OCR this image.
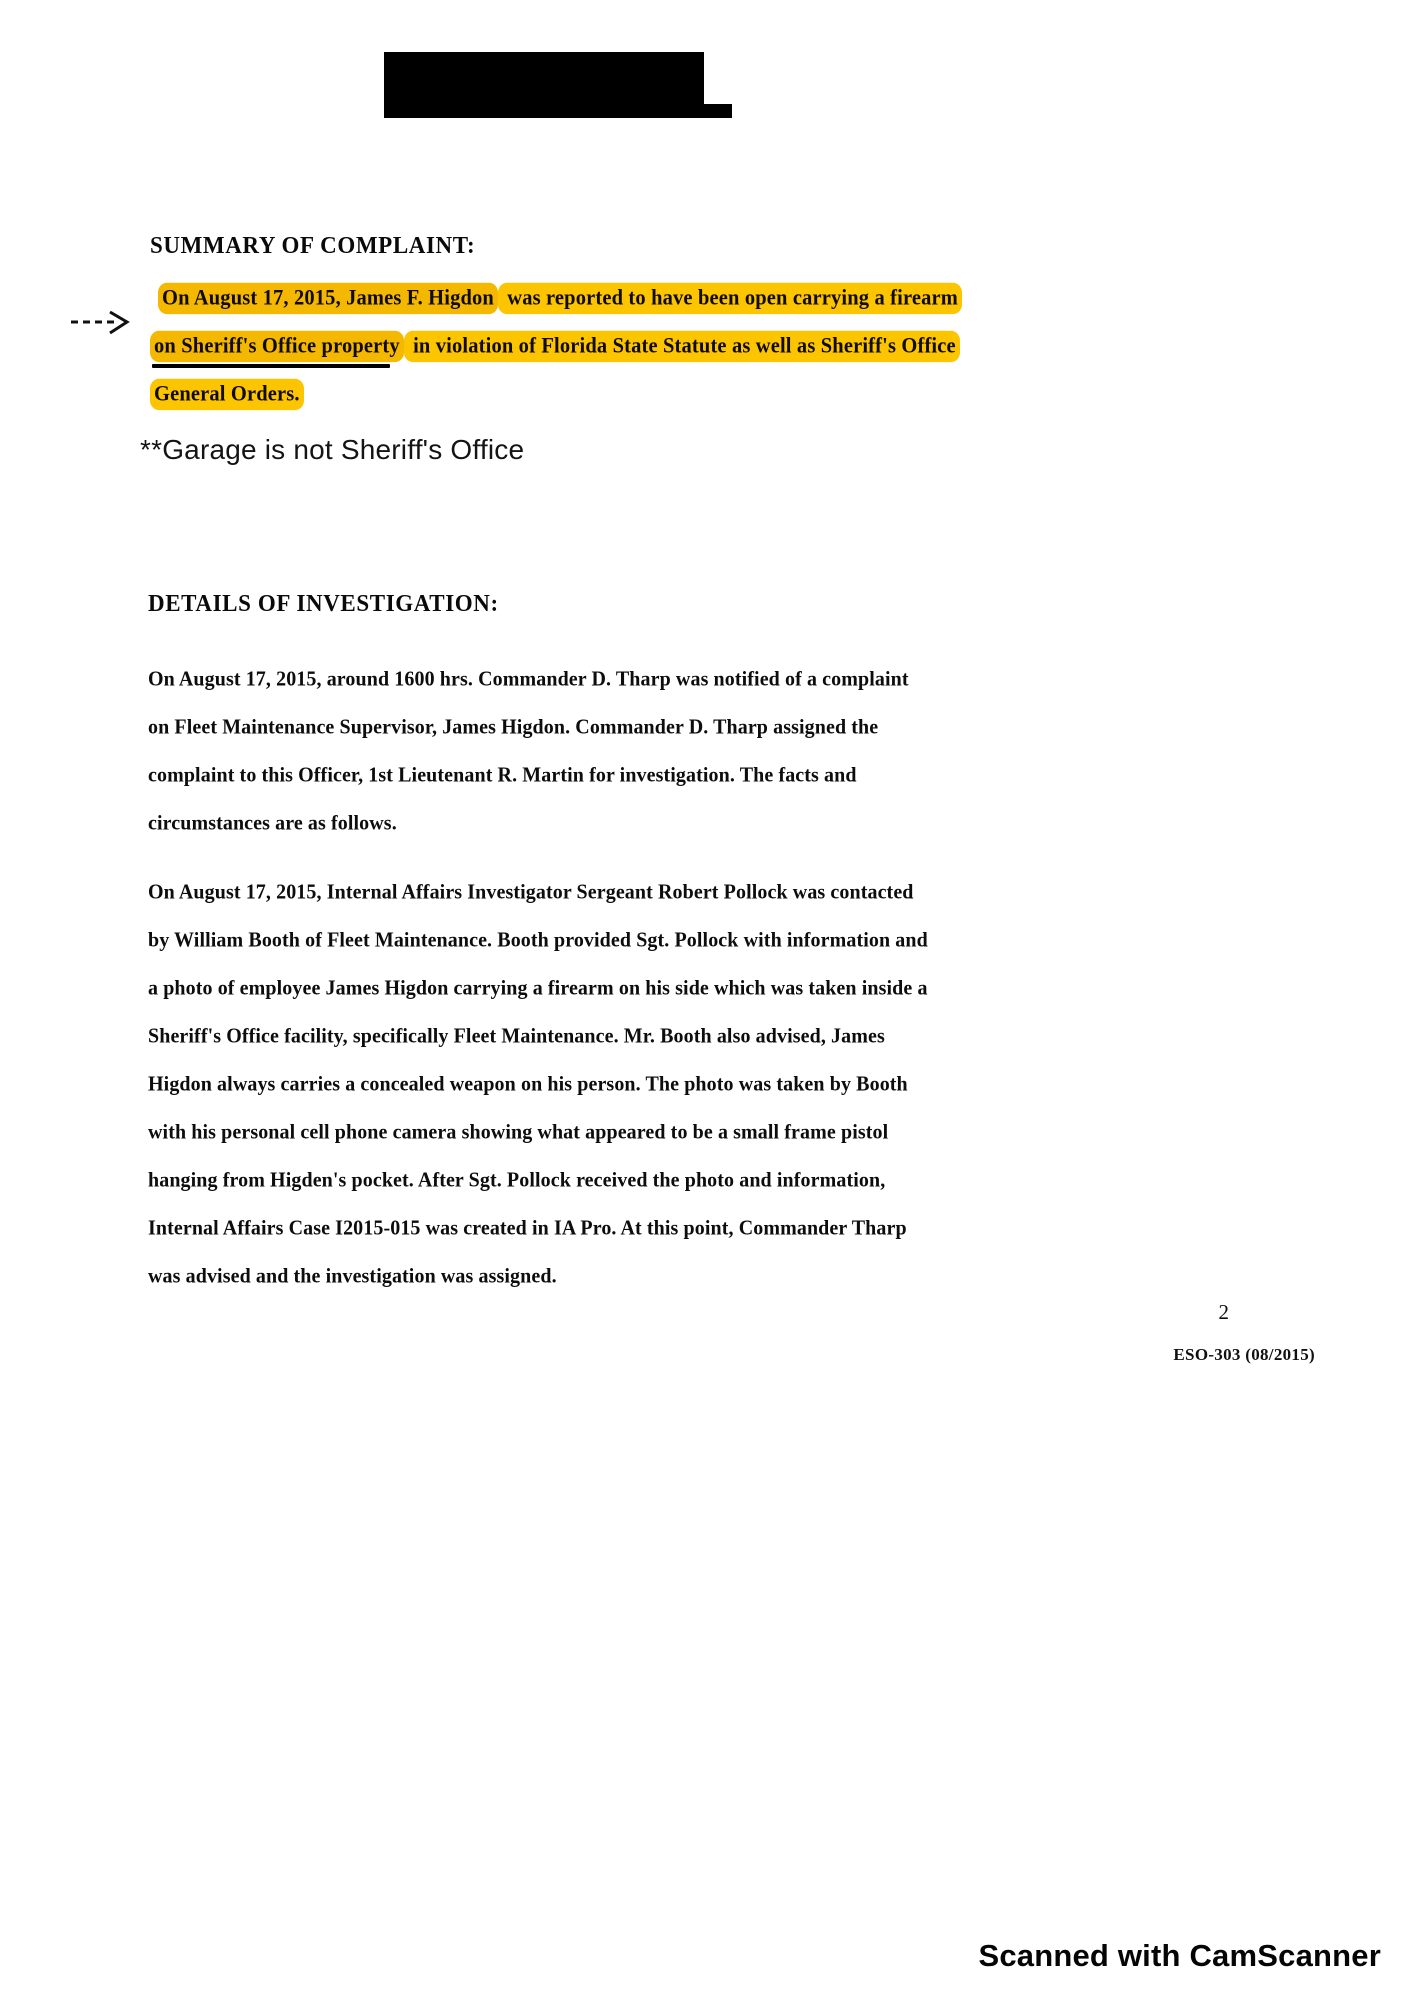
SUMMARY OF COMPLAINT:
On August 17, 2015, James F. Higdon was reported to have been open carrying a firearm
on Sheriff's Office property in violation of Florida State Statute as well as Sheriff's Office
General Orders.
**Garage is not Sheriff's Office
DETAILS OF INVESTIGATION:
On August 17, 2015, around 1600 hrs. Commander D. Tharp was notified of a complaint
on Fleet Maintenance Supervisor, James Higdon. Commander D. Tharp assigned the
complaint to this Officer, 1st Lieutenant R. Martin for investigation. The facts and
circumstances are as follows.
On August 17, 2015, Internal Affairs Investigator Sergeant Robert Pollock was contacted
by William Booth of Fleet Maintenance. Booth provided Sgt. Pollock with information and
a photo of employee James Higdon carrying a firearm on his side which was taken inside a
Sheriff's Office facility, specifically Fleet Maintenance. Mr. Booth also advised, James
Higdon always carries a concealed weapon on his person. The photo was taken by Booth
with his personal cell phone camera showing what appeared to be a small frame pistol
hanging from Higden's pocket. After Sgt. Pollock received the photo and information,
Internal Affairs Case I2015-015 was created in IA Pro. At this point, Commander Tharp
was advised and the investigation was assigned.
2
ESO-303 (08/2015)
Scanned with CamScanner
